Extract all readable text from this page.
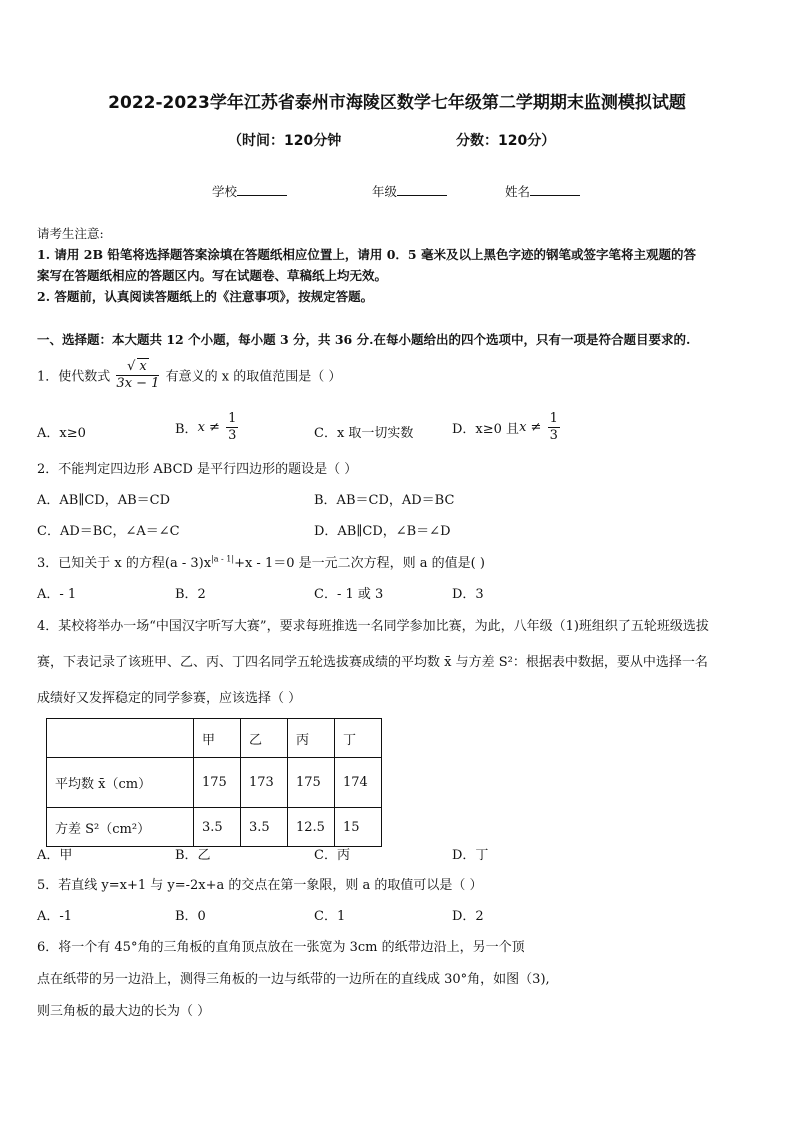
2022-2023学年江苏省泰州市海陵区数学七年级第二学期期末监测模拟试题
（时间：120分钟	分数：120分）
学校	年级	姓名
请考生注意:
1. 请用 2B 铅笔将选择题答案涂填在答题纸相应位置上，请用 0．5 毫米及以上黑色字迹的钢笔或签字笔将主观题的答
案写在答题纸相应的答题区内。写在试题卷、草稿纸上均无效。
2. 答题前，认真阅读答题纸上的《注意事项》，按规定答题。
一、选择题：本大题共 12 个小题，每小题 3 分，共 36 分.在每小题给出的四个选项中，只有一项是符合题目要求的.
1．使代数式 $\frac{√ x}{3x - 1}$ 有意义的 x 的取值范围是（ ）
A．x≥0	B．$x \ne \frac{1}{3}$	C．x 取一切实数	D．x≥0 且$x \ne \frac{1}{3}$
2．不能判定四边形 ABCD 是平行四边形的题设是（ ）
A．AB∥CD，AB＝CD	B．AB＝CD，AD＝BC
C．AD＝BC，∠A＝∠C	D．AB∥CD，∠B＝∠D
3．已知关于 x 的方程$(a - 3)x^{|a - 1|}+x - 1=0$ 是一元二次方程，则 a 的值是( )
A．- 1	B．2	C．- 1 或 3	D．3
4．某校将举办一场“中国汉字听写大赛”，要求每班推选一名同学参加比赛，为此，八年级（1)班组织了五轮班级选拔
赛，下表记录了该班甲、乙、丙、丁四名同学五轮选拔赛成绩的平均数 x̄ 与方差 S²：根据表中数据，要从中选择一名
成绩好又发挥稳定的同学参赛，应该选择（ ）
	甲	乙	丙	丁
平均数 x̄（cm）	175	173	175	174
方差 S²（cm²）	3.5	3.5	12.5	15
A．甲	B．乙	C．丙	D．丁
5．若直线 y=x+1 与 y=-2x+a 的交点在第一象限，则 a 的取值可以是（ ）
A．-1	B．0	C．1	D．2
6．将一个有 45°角的三角板的直角顶点放在一张宽为 3cm 的纸带边沿上，另一个顶
点在纸带的另一边沿上，测得三角板的一边与纸带的一边所在的直线成 30°角，如图（3),
则三角板的最大边的长为（ ）
